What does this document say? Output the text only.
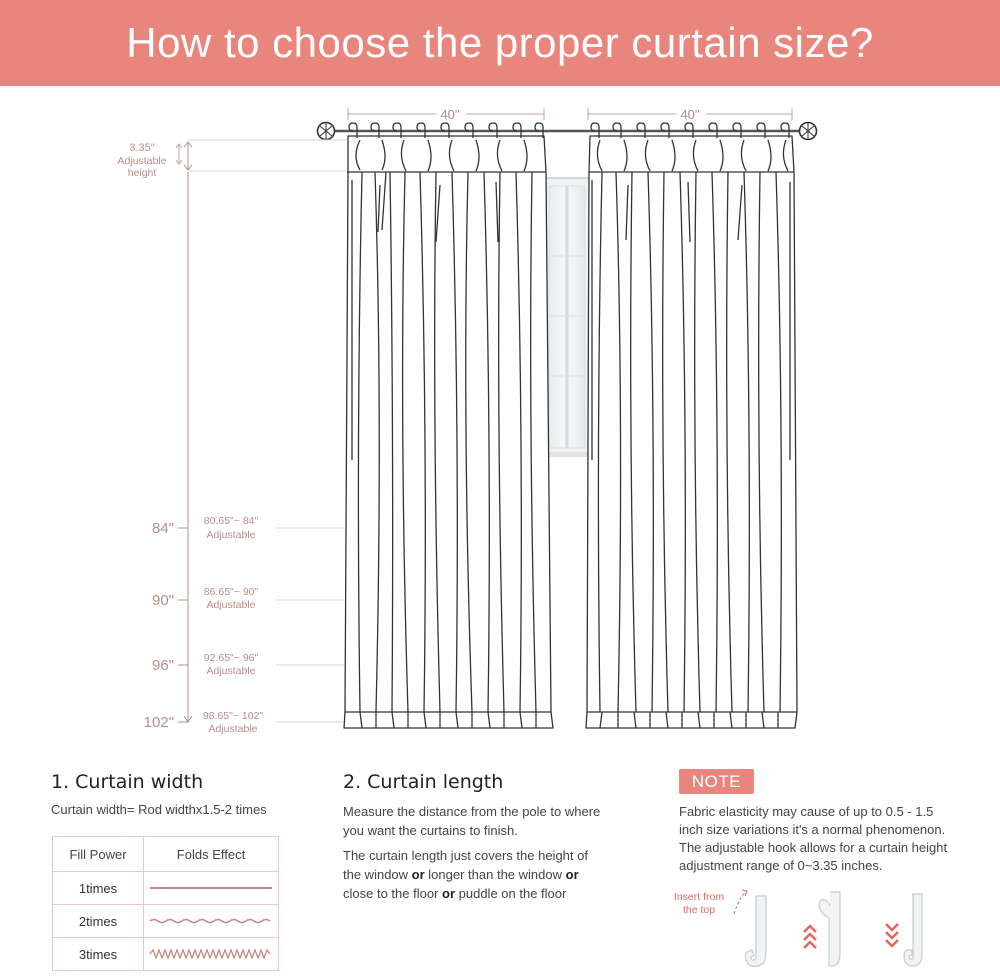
How to choose the proper curtain size?
40"	40"
3.35"
Adjustable
height
84"	80.65"~ 84"
Adjustable
90"	86.65"~ 90"
Adjustable
96"	92.65"~ 96"
Adjustable
102"	98.65"~ 102"
Adjustable
1. Curtain width
Curtain width= Rod widthx1.5-2 times
Fill Power	Folds Effect
1times	
2times	
3times	
2. Curtain length
Measure the distance from the pole to where
you want the curtains to finish.
The curtain length just covers the height of
the window or longer than the window or
close to the floor or puddle on the floor
NOTE
Fabric elasticity may cause of up to 0.5 - 1.5
inch size variations it's a normal phenomenon.
The adjustable hook allows for a curtain height
adjustment range of 0~3.35 inches.
Insert from
the top
